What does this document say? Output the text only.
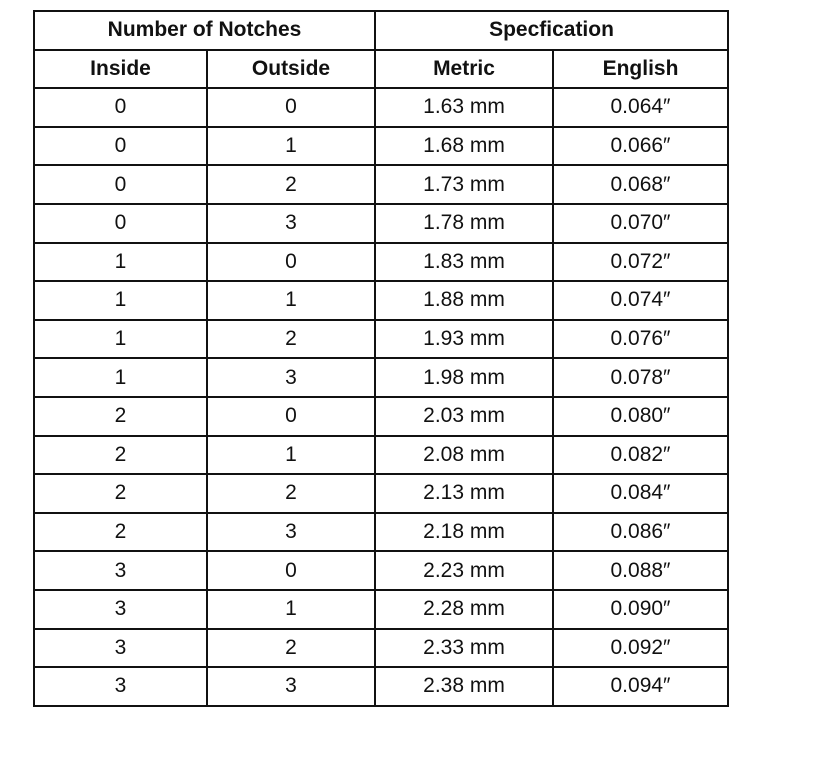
Number of Notches		Specfication	
Inside	Outside	Metric	English
0	0	1.63 mm	0.064″
0	1	1.68 mm	0.066″
0	2	1.73 mm	0.068″
0	3	1.78 mm	0.070″
1	0	1.83 mm	0.072″
1	1	1.88 mm	0.074″
1	2	1.93 mm	0.076″
1	3	1.98 mm	0.078″
2	0	2.03 mm	0.080″
2	1	2.08 mm	0.082″
2	2	2.13 mm	0.084″
2	3	2.18 mm	0.086″
3	0	2.23 mm	0.088″
3	1	2.28 mm	0.090″
3	2	2.33 mm	0.092″
3	3	2.38 mm	0.094″
